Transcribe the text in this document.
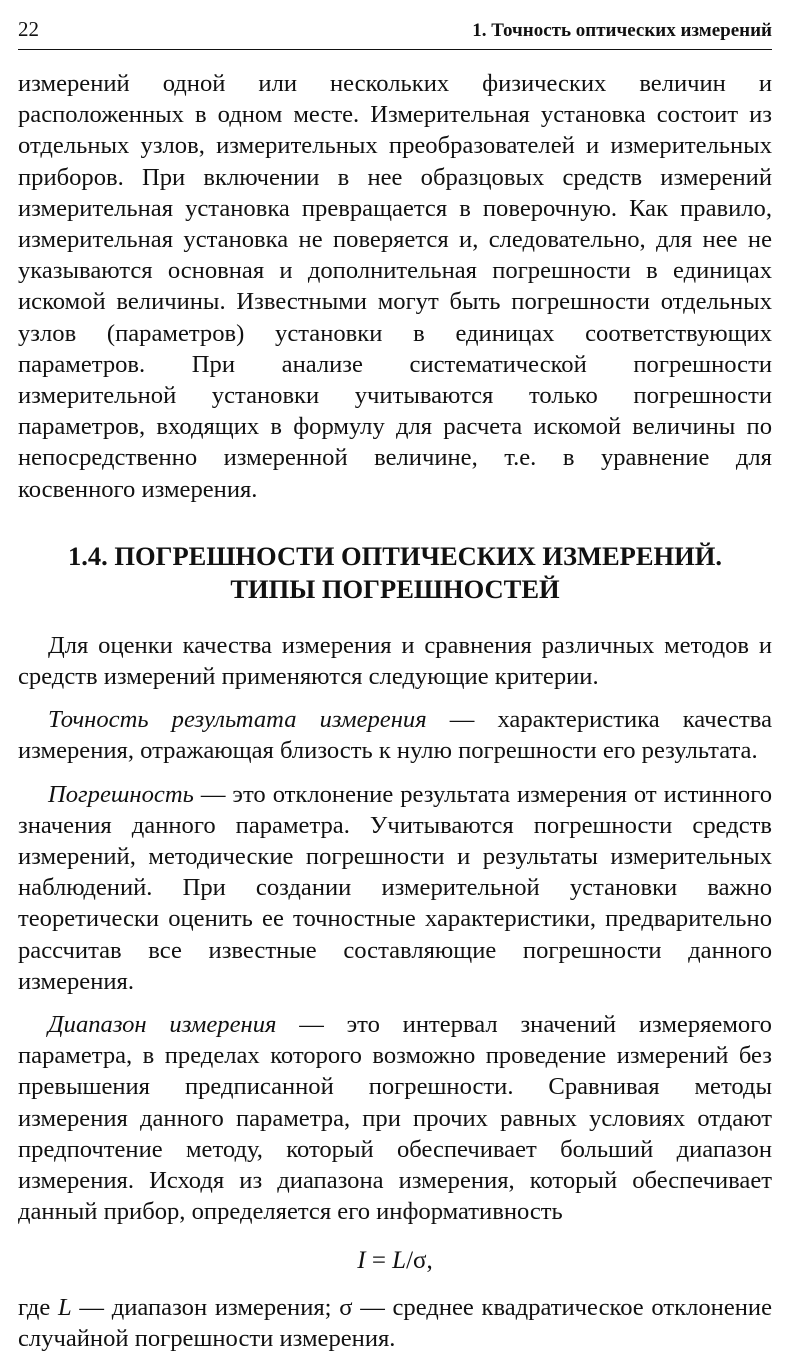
22	1. Точность оптических измерений

измерений одной или нескольких физических величин и расположенных в одном месте. Измерительная установка состоит из отдельных узлов, измерительных преобразователей и измерительных приборов. При включении в нее образцовых средств измерений измерительная установка превращается в поверочную. Как правило, измерительная установка не поверяется и, следовательно, для нее не указываются основная и дополнительная погрешности в единицах искомой величины. Известными могут быть погрешности отдельных узлов (параметров) установки в единицах соответствующих параметров. При анализе систематической погрешности измерительной установки учитываются только погрешности параметров, входящих в формулу для расчета искомой величины по непосредственно измеренной величине, т.е. в уравнение для косвенного измерения.

1.4. ПОГРЕШНОСТИ ОПТИЧЕСКИХ ИЗМЕРЕНИЙ.
ТИПЫ ПОГРЕШНОСТЕЙ

Для оценки качества измерения и сравнения различных методов и средств измерений применяются следующие критерии.

Точность результата измерения — характеристика качества измерения, отражающая близость к нулю погрешности его результата.

Погрешность — это отклонение результата измерения от истинного значения данного параметра. Учитываются погрешности средств измерений, методические погрешности и результаты измерительных наблюдений. При создании измерительной установки важно теоретически оценить ее точностные характеристики, предварительно рассчитав все известные составляющие погрешности данного измерения.

Диапазон измерения — это интервал значений измеряемого параметра, в пределах которого возможно проведение измерений без превышения предписанной погрешности. Сравнивая методы измерения данного параметра, при прочих равных условиях отдают предпочтение методу, который обеспечивает больший диапазон измерения. Исходя из диапазона измерения, который обеспечивает данный прибор, определяется его информативность

I = L/σ,

где L — диапазон измерения; σ — среднее квадратическое отклонение случайной погрешности измерения.
